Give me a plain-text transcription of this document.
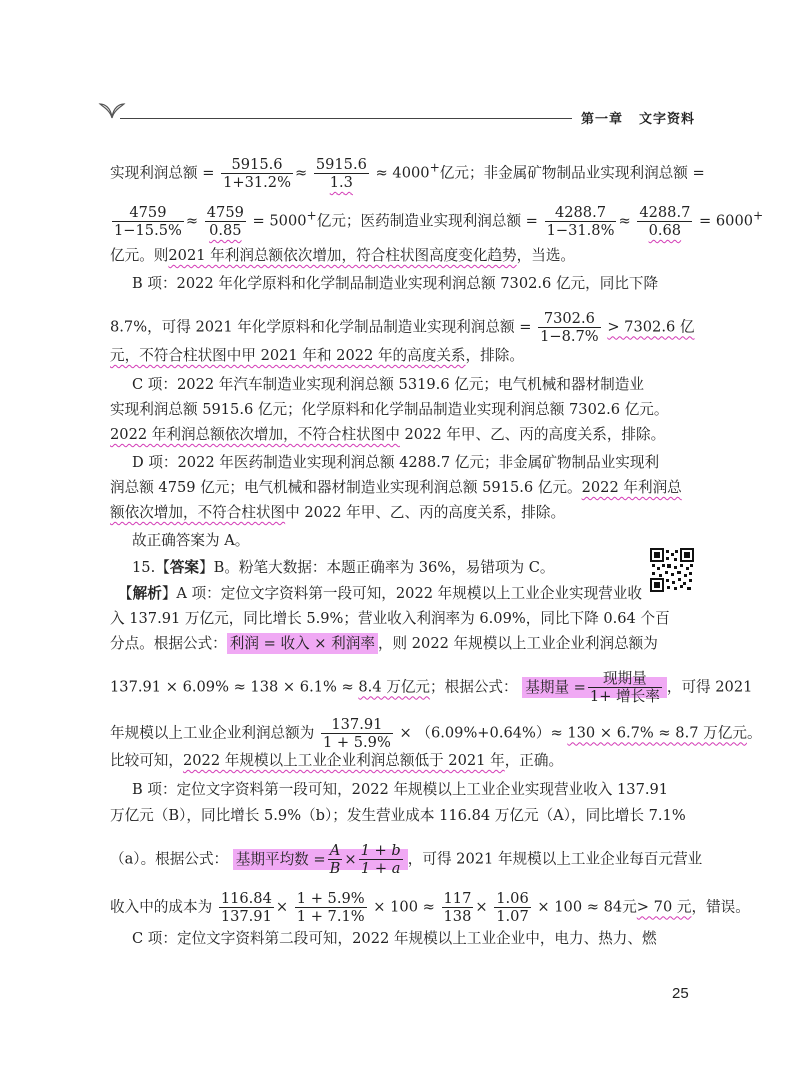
第一章 文字资料
实现利润总额 = $\frac{5915.6}{1+31.2\%} \approx \frac{5915.6}{1.3} \approx 4000^+$亿元；非金属矿物制品业实现利润总额 =
$\frac{4759}{1-15.5\%} \approx \frac{4759}{0.85} = 5000^+$亿元；医药制造业实现利润总额 = $\frac{4288.7}{1-31.8\%} \approx \frac{4288.7}{0.68} = 6000^+$
亿元。则2021 年利润总额依次增加，符合柱状图高度变化趋势，当选。
B 项：2022 年化学原料和化学制品制造业实现利润总额 7302.6 亿元，同比下降
8.7%，可得 2021 年化学原料和化学制品制造业实现利润总额 = $\frac{7302.6}{1-8.7\%} > 7302.6$ 亿
元，不符合柱状图中甲 2021 年和 2022 年的高度关系，排除。
C 项：2022 年汽车制造业实现利润总额 5319.6 亿元；电气机械和器材制造业
实现利润总额 5915.6 亿元；化学原料和化学制品制造业实现利润总额 7302.6 亿元。
2022 年利润总额依次增加，不符合柱状图中 2022 年甲、乙、丙的高度关系，排除。
D 项：2022 年医药制造业实现利润总额 4288.7 亿元；非金属矿物制品业实现利
润总额 4759 亿元；电气机械和器材制造业实现利润总额 5915.6 亿元。2022 年利润总
额依次增加，不符合柱状图中 2022 年甲、乙、丙的高度关系，排除。
故正确答案为 A。
15.【答案】B。粉笔大数据：本题正确率为 36%，易错项为 C。
【解析】A 项：定位文字资料第一段可知，2022 年规模以上工业企业实现营业收
入 137.91 万亿元，同比增长 5.9%；营业收入利润率为 6.09%，同比下降 0.64 个百
分点。根据公式： 利润 = 收入 × 利润率 ，则 2022 年规模以上工业企业利润总额为
137.91 × 6.09% ≈ 138 × 6.1% ≈ 8.4 万亿元；根据公式： 基期量 =	现期量
1+ 增长率
，可得 2021
年规模以上工业企业利润总额为 $\frac{137.91}{1 + 5.9\%} \times (6.09\%+0.64\%)\approx 130 \times 6.7\% \approx 8.7$ 万亿元。
比较可知，2022 年规模以上工业企业利润总额低于 2021 年，正确。
B 项：定位文字资料第一段可知，2022 年规模以上工业企业实现营业收入 137.91
万亿元（B），同比增长 5.9%（b）；发生营业成本 116.84 万亿元（A），同比增长 7.1%
（a）。根据公式： 基期平均数 = $\frac{A}{B} \times \frac{1 + b}{1 + a}$ ，可得 2021 年规模以上工业企业每百元营业
收入中的成本为 $\frac{116.84}{137.91} \times \frac{1 + 5.9\%}{1 + 7.1\%} \times 100 \approx \frac{117}{138} \times \frac{1.06}{1.07} \times 100 \approx 84$元> 70 元，错误。
C 项：定位文字资料第二段可知，2022 年规模以上工业企业中，电力、热力、燃
25
